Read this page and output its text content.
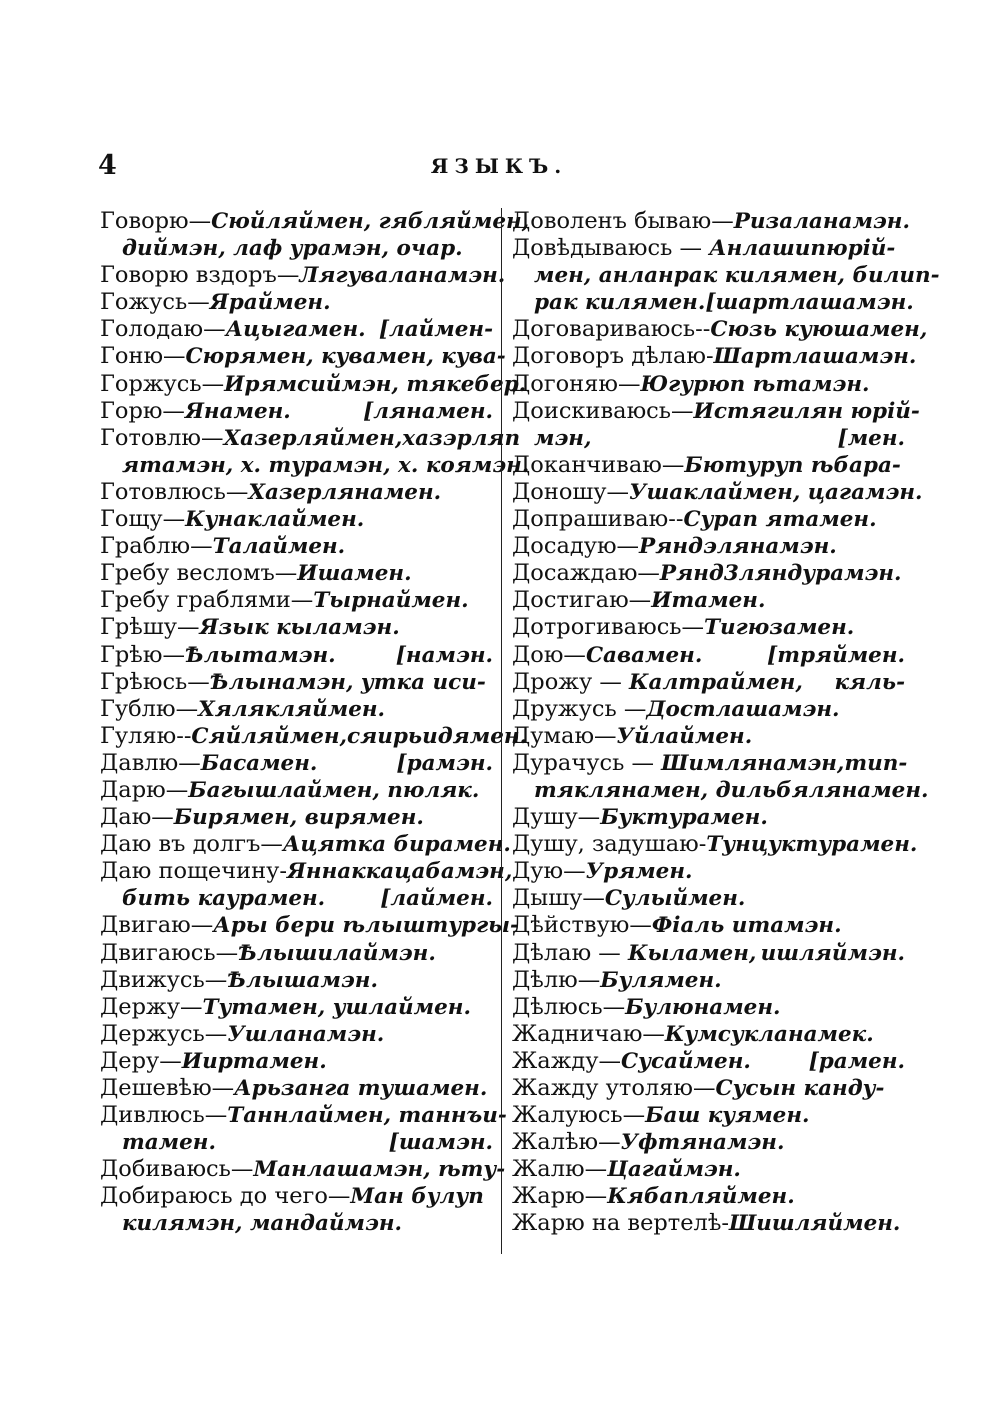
4	ЯЗЫКЪ.
Говорю—Сюйляймен, гябляймен,
диймэн, лаф урамэн, очар.
Говорю вздоръ—Лягувалaнамэн.
Гожусь—Ярaймен.
Голодаю—Ацыгамен. [лаймен-
Гоню—Сюрямен, кувамен, кува-
Горжусь—Ирямсиймэн, тякебер.
Горю—Янамен.	[лянамен.
Готовлю—Хазерляймен,хазэрляп
ятамэн, х. турамэн, х. коямэн.
Готовлюсь—Хазерлянамен.
Гощу—Кунаклаймен.
Граблю—Талаймен.
Гребу весломъ—Ишамен.
Гребу граблями—Тырнаймен.
Грѣшу—Язык кыламэн.
Грѣю—Ѣлытамэн.	[намэн.
Грѣюсь—Ѣлынамэн, утка иси-
Гублю—Хялякляймен.
Гуляю--Сяйляймен,сяирьидямен.
Давлю—Басамен.	[рамэн.
Дарю—Багышлаймен, пюляк.
Даю—Бирямен, вирямен.
Даю въ долгъ—Ацятка бирамен.
Даю пощечину-Яннаккацабамэн,
бить каурамен.	[лаймен.
Двигаю—Ары бери ѣлыштургы-
Двигаюсь—Ѣлышилаймэн.
Движусь—Ѣлышамэн.
Держу—Тутамен, ушлаймен.
Держусь—Ушланамэн.
Деру—Ииртамен.
Дешевѣю—Арьзанга тушамен.
Дивлюсь—Таннлаймен, таннъи-
тамен.	[шамэн.
Добиваюсь—Манлашамэн, ѣту-
Добираюсь до чего—Ман булуп
килямэн, мандаймэн.
Доволенъ бываю—Ризаланамэн.
Довѣдываюсь — Анлашипюрій-
мен, анланрак килямен, билип-
рак килямен. [шартлашамэн.
Договариваюсь--Сюзь куюшамен,
Договоръ дѣлаю-Шартлашамэн.
Догоняю—Югурюп ѣтамэн.
Доискиваюсь—Истягилян юрій-
мэн,	[мен.
Доканчиваю—Бютуруп ѣбара-
Доношу—Ушаклаймен, цагамэн.
Допрашиваю--Сурап ятамен.
Досадую—Ряндэлянамэн.
Досаждаю—Рянд3ляндурамэн.
Достигаю—Итамен.
Дотрогиваюсь—Тигюзамен.
Дою—Савамен.	[тряймен.
Дрожу — Калтраймен, кяль-
Дружусь —Достлашамэн.
Думаю—Уйлаймен.
Дурачусь — Шимлянамэн, тип-
тяклянамен, дильбялянамен.
Душу—Буктурамен.
Душу, задушаю-Тунцуктурамен.
Дую—Урямен.
Дышу—Сулыймен.
Дѣйствую—Фіаль итамэн.
Дѣлаю — Кыламен, ишляймэн.
Дѣлю—Булямен.
Дѣлюсь—Булюнамен.
Жадничаю—Кумсукланамек.
Жажду—Сусаймен.	[рамен.
Жажду утоляю—Сусын канду-
Жалуюсь—Баш куямен.
Жалѣю—Уфтянамэн.
Жалю—Цагаймэн.
Жарю—Кябапляймен.
Жарю на вертелѣ-Шишляймен.
